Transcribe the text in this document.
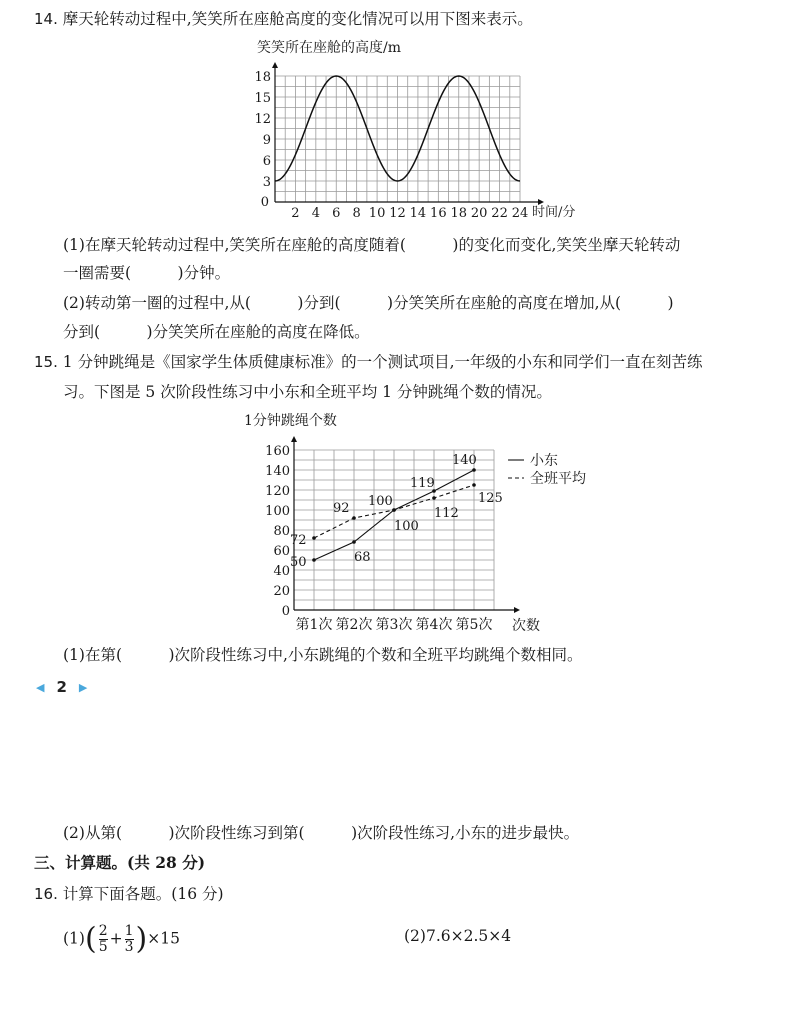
14. 摩天轮转动过程中,笑笑所在座舱高度的变化情况可以用下图来表示。
笑笑所在座舱的高度/m
时间/分
0
3
6
9
12
15
18
2 4 6 8 10 12 14 16 18 20 22 24
(1)在摩天轮转动过程中,笑笑所在座舱的高度随着(　　　)的变化而变化,笑笑坐摩天轮转动
一圈需要(　　　)分钟。
(2)转动第一圈的过程中,从(　　　)分到(　　　)分笑笑所在座舱的高度在增加,从(　　　)
分到(　　　)分笑笑所在座舱的高度在降低。
15. 1 分钟跳绳是《国家学生体质健康标准》的一个测试项目,一年级的小东和同学们一直在刻苦练
习。下图是 5 次阶段性练习中小东和全班平均 1 分钟跳绳个数的情况。
1分钟跳绳个数
次数
0
20
40
60
80
100
120
140
160
第1次 第2次 第3次 第4次 第5次
50	68
100
119
140
72
92
100
112
125
小东
全班平均
(1)在第(　　　)次阶段性练习中,小东跳绳的个数和全班平均跳绳个数相同。
◀ 2 ▶
(2)从第(　　　)次阶段性练习到第(　　　)次阶段性练习,小东的进步最快。
三、计算题。(共 28 分)
16. 计算下面各题。(16 分)
$(1)( \frac{2}{5} + \frac{1}{3} )\times 15$	(2)7.6×2.5×4
